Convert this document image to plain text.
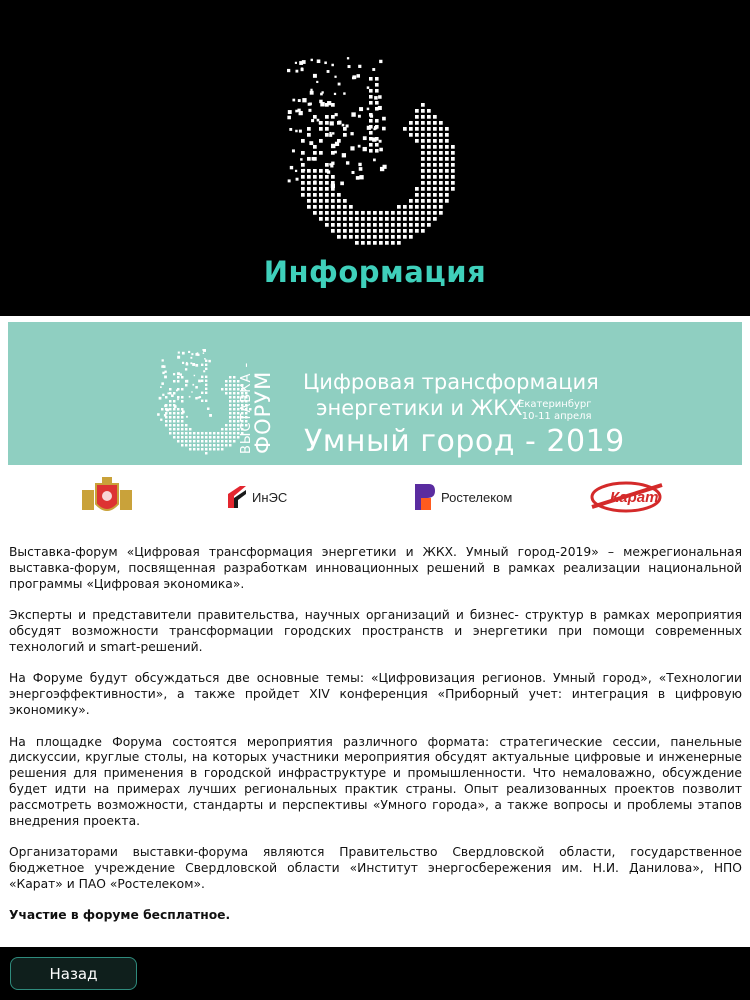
Информация
ВЫСТАВКА -
ФОРУМ Цифровая трансформация
энергетики и ЖКХ
Екатеринбург
10-11 апреля
Умный город - 2019
ИнЭС	Ростелеком	Карат

Выставка-форум «Цифровая трансформация энергетики и ЖКХ. Умный город-2019» – межрегиональная выставка-форум, посвященная разработкам инновационных решений в рамках реализации национальной программы «Цифровая экономика».

Эксперты и представители правительства, научных организаций и бизнес- структур в рамках мероприятия обсудят возможности трансформации городских пространств и энергетики при помощи современных технологий и smart-решений.

На Форуме будут обсуждаться две основные темы: «Цифровизация регионов. Умный город», «Технологии энергоэффективности», а также пройдет XIV конференция «Приборный учет: интеграция в цифровую экономику».

На площадке Форума состоятся мероприятия различного формата: стратегические сессии, панельные дискуссии, круглые столы, на которых участники мероприятия обсудят актуальные цифровые и инженерные решения для применения в городской инфраструктуре и промышленности. Что немаловажно, обсуждение будет идти на примерах лучших региональных практик страны. Опыт реализованных проектов позволит рассмотреть возможности, стандарты и перспективы «Умного города», а также вопросы и проблемы этапов внедрения проекта.

Организаторами выставки-форума являются Правительство Свердловской области, государственное бюджетное учреждение Свердловской области «Институт энергосбережения им. Н.И. Данилова», НПО «Карат» и ПАО «Ростелеком».

Участие в форуме бесплатное.

Назад
